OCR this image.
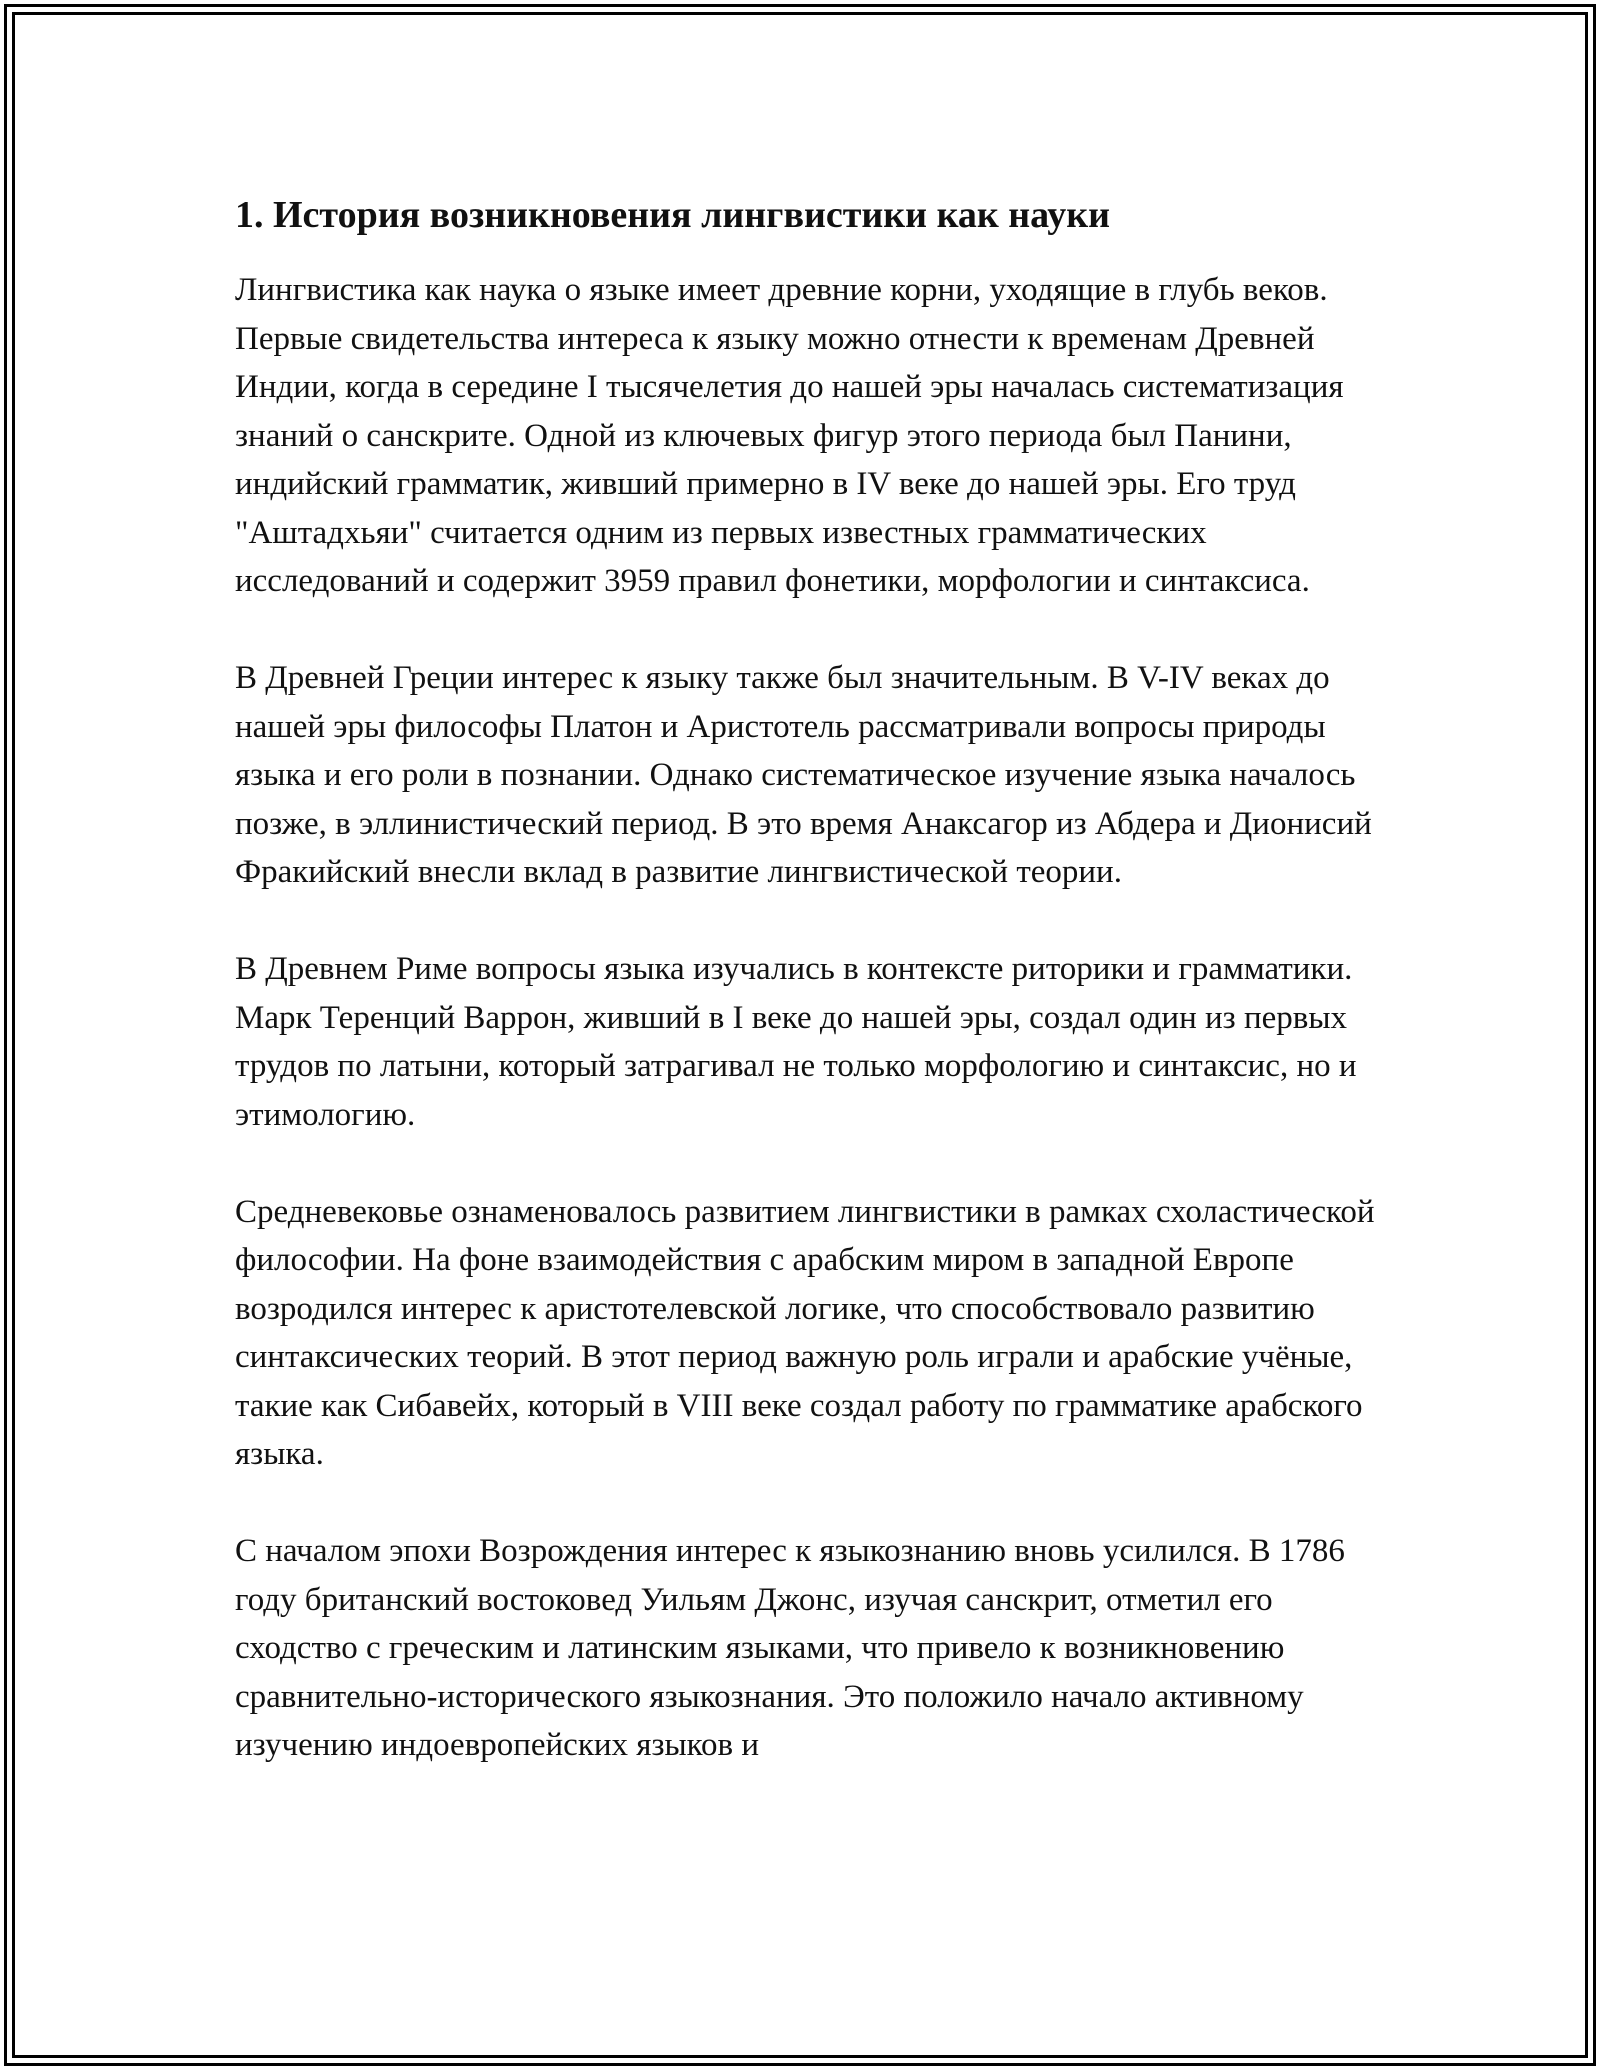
1. История возникновения лингвистики как науки

Лингвистика как наука о языке имеет древние корни, уходящие в глубь веков. Первые свидетельства интереса к языку можно отнести к временам Древней Индии, когда в середине I тысячелетия до нашей эры началась систематизация знаний о санскрите. Одной из ключевых фигур этого периода был Панини, индийский грамматик, живший примерно в IV веке до нашей эры. Его труд "Аштадхьяи" считается одним из первых известных грамматических исследований и содержит 3959 правил фонетики, морфологии и синтаксиса.

В Древней Греции интерес к языку также был значительным. В V-IV веках до нашей эры философы Платон и Аристотель рассматривали вопросы природы языка и его роли в познании. Однако систематическое изучение языка началось позже, в эллинистический период. В это время Анаксагор из Абдера и Дионисий Фракийский внесли вклад в развитие лингвистической теории.

В Древнем Риме вопросы языка изучались в контексте риторики и грамматики. Марк Теренций Варрон, живший в I веке до нашей эры, создал один из первых трудов по латыни, который затрагивал не только морфологию и синтаксис, но и этимологию.

Средневековье ознаменовалось развитием лингвистики в рамках схоластической философии. На фоне взаимодействия с арабским миром в западной Европе возродился интерес к аристотелевской логике, что способствовало развитию синтаксических теорий. В этот период важную роль играли и арабские учёные, такие как Сибавейх, который в VIII веке создал работу по грамматике арабского языка.

С началом эпохи Возрождения интерес к языкознанию вновь усилился. В 1786 году британский востоковед Уильям Джонс, изучая санскрит, отметил его сходство с греческим и латинским языками, что привело к возникновению сравнительно-исторического языкознания. Это положило начало активному изучению индоевропейских языков и
